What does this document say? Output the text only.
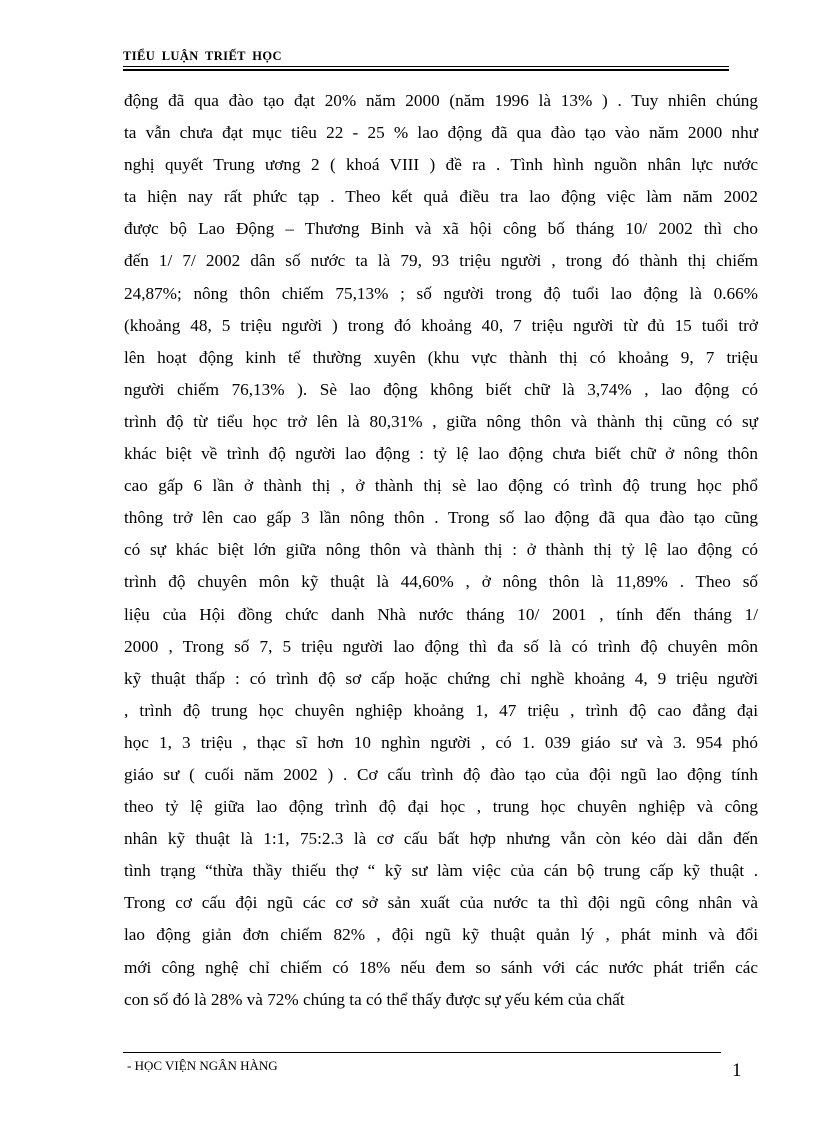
TIỂU LUẬN TRIẾT HỌC
động đã qua đào tạo đạt 20% năm 2000 (năm 1996 là 13% ) . Tuy nhiên chúng
ta vẫn chưa đạt mục tiêu 22 - 25 % lao động đã qua đào tạo vào năm 2000 như
nghị quyết Trung ương 2 ( khoá VIII ) đề ra . Tình hình nguồn nhân lực nước
ta hiện nay rất phức tạp . Theo kết quả điều tra lao động việc làm năm 2002
được bộ Lao Động – Thương Binh và xã hội công bố tháng 10/ 2002 thì cho
đến 1/ 7/ 2002 dân số nước ta là 79, 93 triệu người , trong đó thành thị chiếm
24,87%; nông thôn chiếm 75,13% ; số người trong độ tuổi lao động là 0.66%
(khoảng 48, 5 triệu người ) trong đó khoảng 40, 7 triệu người từ đủ 15 tuổi trở
lên hoạt động kinh tế thường xuyên (khu vực thành thị có khoảng 9, 7 triệu
người chiếm 76,13% ). Sè lao động không biết chữ là 3,74% , lao động có
trình độ từ tiểu học trở lên là 80,31% , giữa nông thôn và thành thị cũng có sự
khác biệt về trình độ người lao động : tỷ lệ lao động chưa biết chữ ở nông thôn
cao gấp 6 lần ở thành thị , ở thành thị sè lao động có trình độ trung học phổ
thông trở lên cao gấp 3 lần nông thôn . Trong số lao động đã qua đào tạo cũng
có sự khác biệt lớn giữa nông thôn và thành thị : ở thành thị tỷ lệ lao động có
trình độ chuyên môn kỹ thuật là 44,60% , ở nông thôn là 11,89% . Theo số
liệu của Hội đồng chức danh Nhà nước tháng 10/ 2001 , tính đến tháng 1/
2000 , Trong số 7, 5 triệu người lao động thì đa số là có trình độ chuyên môn
kỹ thuật thấp : có trình độ sơ cấp hoặc chứng chỉ nghề khoảng 4, 9 triệu người
, trình độ trung học chuyên nghiệp khoảng 1, 47 triệu , trình độ cao đẳng đại
học 1, 3 triệu , thạc sĩ hơn 10 nghìn người , có 1. 039 giáo sư và 3. 954 phó
giáo sư ( cuối năm 2002 ) . Cơ cấu trình độ đào tạo của đội ngũ lao động tính
theo tỷ lệ giữa lao động trình độ đại học , trung học chuyên nghiệp và công
nhân kỹ thuật là 1:1, 75:2.3 là cơ cấu bất hợp nhưng vẫn còn kéo dài dẫn đến
tình trạng “thừa thầy thiếu thợ “ kỹ sư làm việc của cán bộ trung cấp kỹ thuật .
Trong cơ cấu đội ngũ các cơ sở sản xuất của nước ta thì đội ngũ công nhân và
lao động giản đơn chiếm 82% , đội ngũ kỹ thuật quản lý , phát minh và đổi
mới công nghệ chỉ chiếm có 18% nếu đem so sánh với các nước phát triển các
con số đó là 28% và 72% chúng ta có thể thấy được sự yếu kém của chất
- HỌC VIỆN NGÂN HÀNG	1
